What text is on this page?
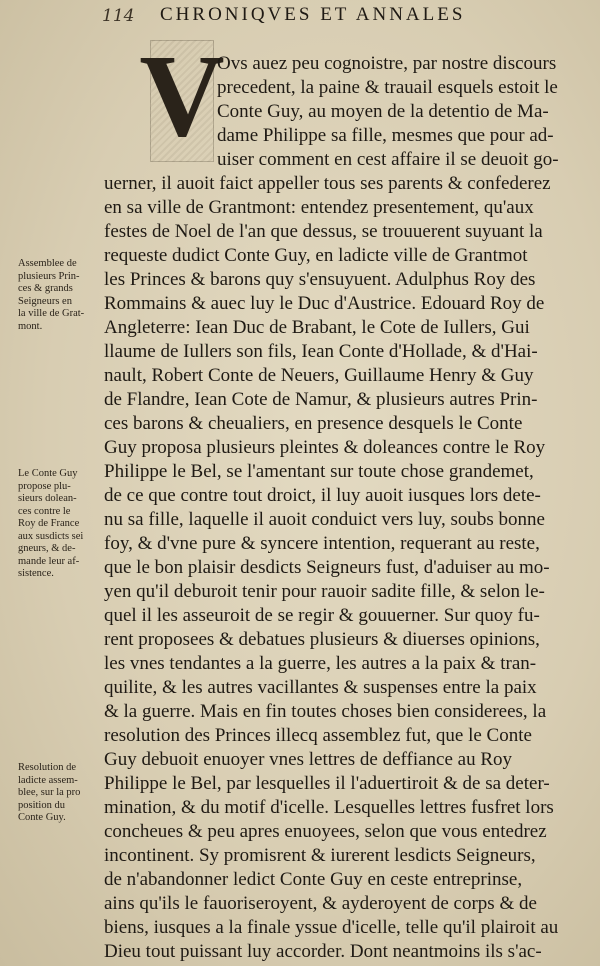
114 CHRONIQVES ET ANNALES
V
Ovs auez peu cognoistre, par nostre discours
precedent, la paine & trauail esquels estoit le
Conte Guy, au moyen de la detentio de Ma-
dame Philippe sa fille, mesmes que pour ad-
uiser comment en cest affaire il se deuoit go-
uerner, il auoit faict appeller tous ses parents & confederez
en sa ville de Grantmont: entendez presentement, qu'aux
festes de Noel de l'an que dessus, se trouuerent suyuant la
requeste dudict Conte Guy, en ladicte ville de Grantmot
les Princes & barons quy s'ensuyuent. Adulphus Roy des
Rommains & auec luy le Duc d'Austrice. Edouard Roy de
Angleterre: Iean Duc de Brabant, le Cote de Iullers, Gui
llaume de Iullers son fils, Iean Conte d'Hollade, & d'Hai-
nault, Robert Conte de Neuers, Guillaume Henry & Guy
de Flandre, Iean Cote de Namur, & plusieurs autres Prin-
ces barons & cheualiers, en presence desquels le Conte
Guy proposa plusieurs pleintes & doleances contre le Roy
Philippe le Bel, se l'amentant sur toute chose grandemet,
de ce que contre tout droict, il luy auoit iusques lors dete-
nu sa fille, laquelle il auoit conduict vers luy, soubs bonne
foy, & d'vne pure & syncere intention, requerant au reste,
que le bon plaisir desdicts Seigneurs fust, d'aduiser au mo-
yen qu'il deburoit tenir pour rauoir sadite fille, & selon le-
quel il les asseuroit de se regir & gouuerner. Sur quoy fu-
rent proposees & debatues plusieurs & diuerses opinions,
les vnes tendantes a la guerre, les autres a la paix & tran-
quilite, & les autres vacillantes & suspenses entre la paix
& la guerre. Mais en fin toutes choses bien considerees, la
resolution des Princes illecq assemblez fut, que le Conte
Guy debuoit enuoyer vnes lettres de deffiance au Roy
Philippe le Bel, par lesquelles il l'aduertiroit & de sa deter-
mination, & du motif d'icelle. Lesquelles lettres fusfret lors
concheues & peu apres enuoyees, selon que vous entedrez
incontinent. Sy promisrent & iurerent lesdicts Seigneurs,
de n'abandonner ledict Conte Guy en ceste entreprinse,
ains qu'ils le fauoriseroyent, & ayderoyent de corps & de
biens, iusques a la finale yssue d'icelle, telle qu'il plairoit au
Dieu tout puissant luy accorder. Dont neantmoins ils s'ac-
Assemblee de
plusieurs Prin-
ces & grands
Seigneurs en
la ville de Grat-
mont.
Le Conte Guy
propose plu-
sieurs dolean-
ces contre le
Roy de France
aux susdicts sei
gneurs, & de-
mande leur af-
sistence.
Resolution de
ladicte assem-
blee, sur la pro
position du
Conte Guy.
